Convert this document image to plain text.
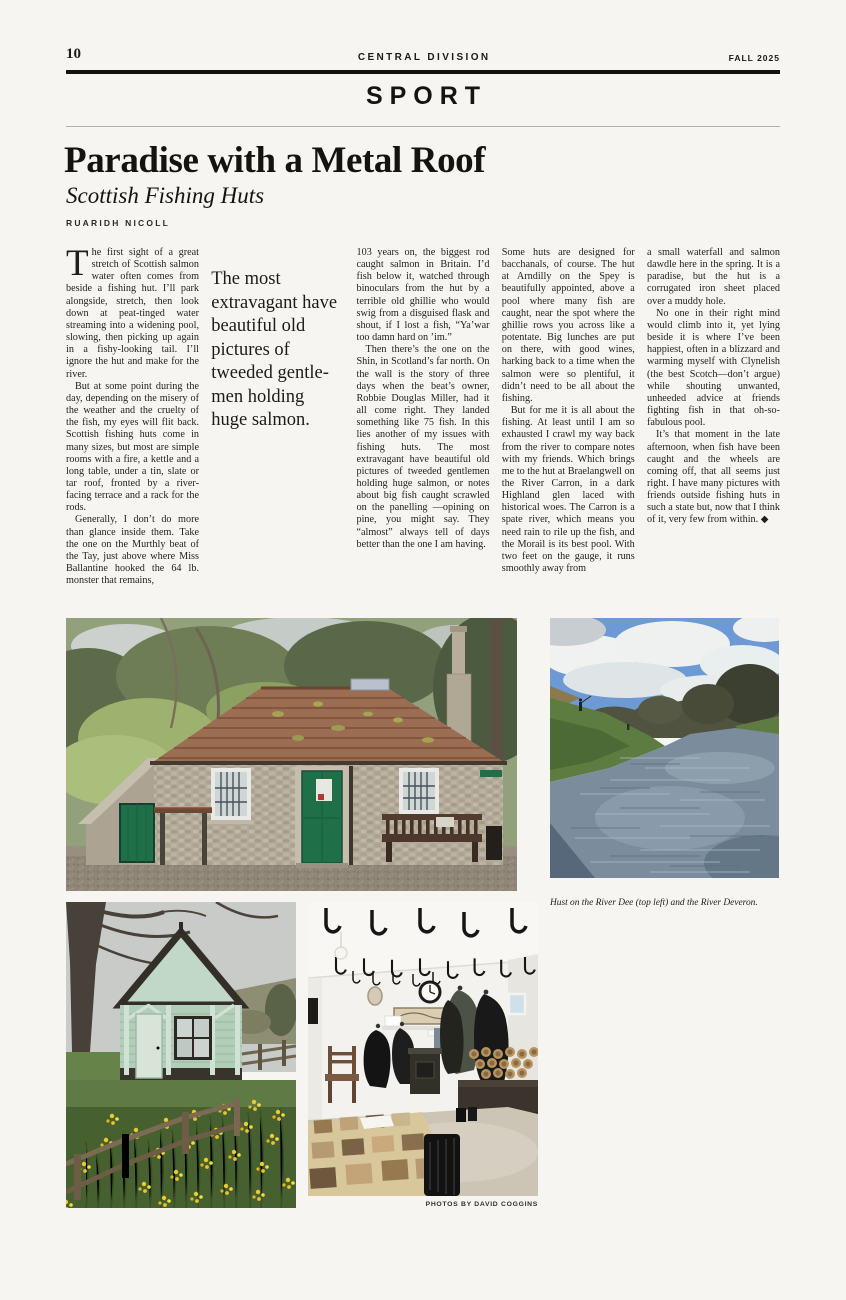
10	CENTRAL DIVISION	FALL 2025
SPORT
Paradise with a Metal Roof
Scottish Fishing Huts
RUARIDH NICOLL

The first sight of a great stretch of Scottish salmon water often comes from beside a fishing hut. I’ll park alongside, stretch, then look down at peat-tinged water streaming into a widening pool, slowing, then picking up again in a fishy-looking tail. I’ll ignore the hut and make for the river.

But at some point during the day, depending on the misery of the weather and the cruelty of the fish, my eyes will flit back. Scottish fishing huts come in many sizes, but most are simple rooms with a fire, a kettle and a long table, under a tin, slate or tar roof, fronted by a river-facing terrace and a rack for the rods.

Generally, I don’t do more than glance inside them. Take the one on the Murthly beat of the Tay, just above where Miss Ballantine hooked the 64 lb. monster that remains,

The most extravagant have beautiful old pictures of tweeded gentlemen holding huge salmon.

103 years on, the biggest rod caught salmon in Britain. I’d fish below it, watched through binoculars from the hut by a terrible old ghillie who would swig from a disguised flask and shout, if I lost a fish, “Ya’war too damn hard on ’im.”

Then there’s the one on the Shin, in Scotland’s far north. On the wall is the story of three days when the beat’s owner, Robbie Douglas Miller, had it all come right. They landed something like 75 fish. In this lies another of my issues with fishing huts. The most extravagant have beautiful old pictures of tweeded gentlemen holding huge salmon, or notes about big fish caught scrawled on the panelling —opining on pine, you might say. They “almost” always tell of days better than the one I am having.

Some huts are designed for bacchanals, of course. The hut at Arndilly on the Spey is beautifully appointed, above a pool where many fish are caught, near the spot where the ghillie rows you across like a potentate. Big lunches are put on there, with good wines, harking back to a time when the salmon were so plentiful, it didn’t need to be all about the fishing.

But for me it is all about the fishing. At least until I am so exhausted I crawl my way back from the river to compare notes with my friends. Which brings me to the hut at Braelangwell on the River Carron, in a dark Highland glen laced with historical woes. The Carron is a spate river, which means you need rain to rile up the fish, and the Morail is its best pool. With two feet on the gauge, it runs smoothly away from

a small waterfall and salmon dawdle here in the spring. It is a paradise, but the hut is a corrugated iron sheet placed over a muddy hole.

No one in their right mind would climb into it, yet lying beside it is where I’ve been happiest, often in a blizzard and warming myself with Clynelish (the best Scotch—don’t argue) while shouting unwanted, unheeded advice at friends fighting fish in that oh-so-fabulous pool.

It’s that moment in the late afternoon, when fish have been caught and the wheels are coming off, that all seems just right. I have many pictures with friends outside fishing huts in such a state but, now that I think of it, very few from within. ◆

Hust on the River Dee (top left) and the River Deveron.
PHOTOS BY DAVID COGGINS
